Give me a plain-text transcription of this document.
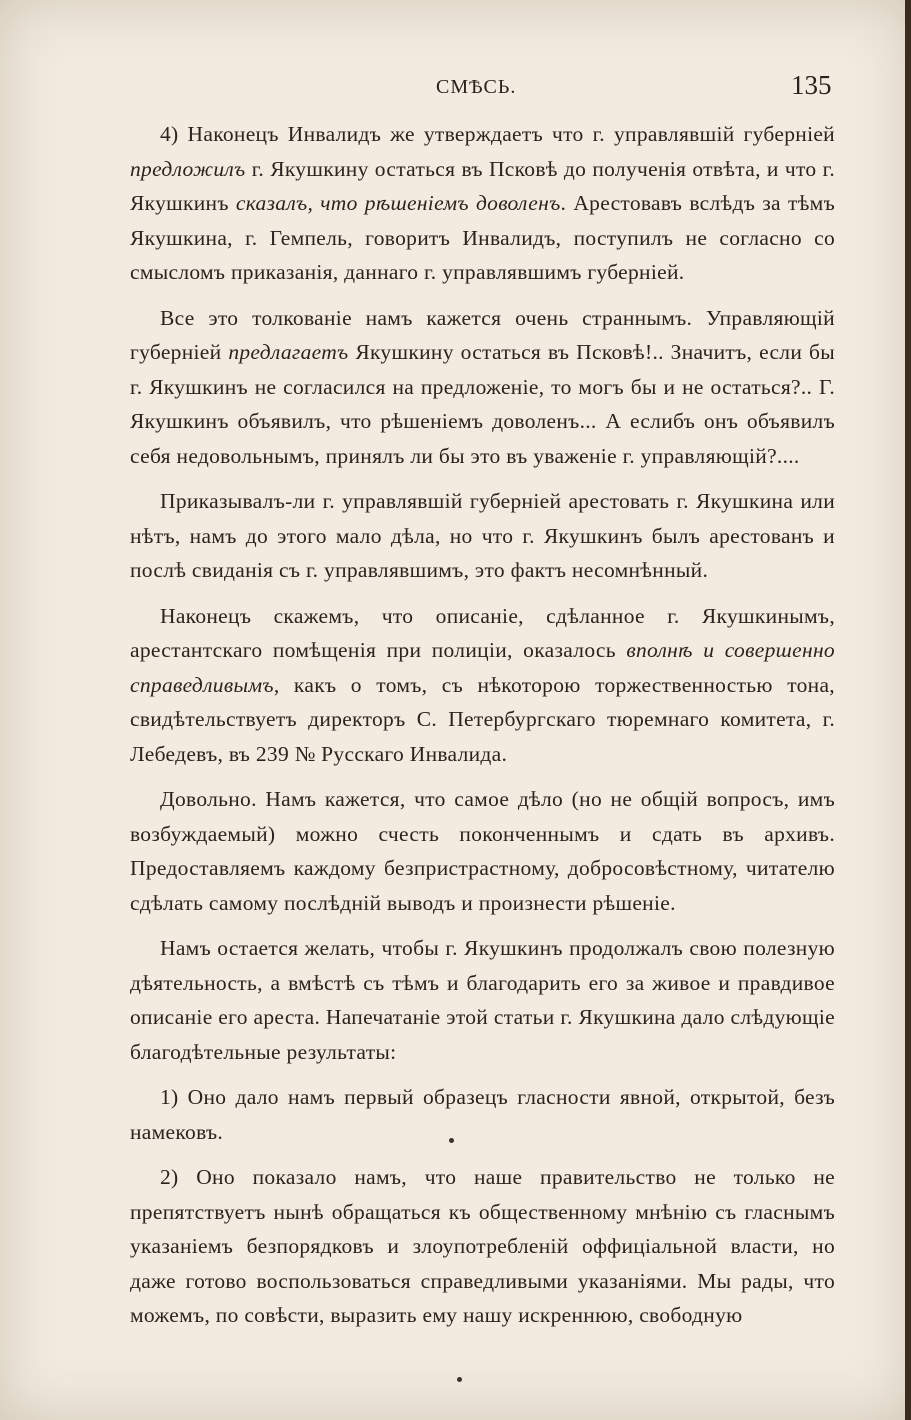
СМѢСЬ.	135

4) Наконецъ Инвалидъ же утверждаетъ что г. управлявшій губерніей предложилъ г. Якушкину остаться въ Псковѣ до полученія отвѣта, и что г. Якушкинъ сказалъ, что рѣшеніемъ доволенъ. Арестовавъ вслѣдъ за тѣмъ Якушкина, г. Гемпель, говоритъ Инвалидъ, поступилъ не согласно со смысломъ приказанія, даннаго г. управлявшимъ губерніей.

Все это толкованіе намъ кажется очень страннымъ. Управляющій губерніей предлагаетъ Якушкину остаться въ Псковѣ!.. Значитъ, если бы г. Якушкинъ не согласился на предложеніе, то могъ бы и не остаться?.. Г. Якушкинъ объявилъ, что рѣшеніемъ доволенъ... А еслибъ онъ объявилъ себя недовольнымъ, принялъ ли бы это въ уваженіе г. управляющій?....

Приказывалъ-ли г. управлявшій губерніей арестовать г. Якушкина или нѣтъ, намъ до этого мало дѣла, но что г. Якушкинъ былъ арестованъ и послѣ свиданія съ г. управлявшимъ, это фактъ несомнѣнный.

Наконецъ скажемъ, что описаніе, сдѣланное г. Якушкинымъ, арестантскаго помѣщенія при полиціи, оказалось вполнѣ и совершенно справедливымъ, какъ о томъ, съ нѣкоторою торжественностью тона, свидѣтельствуетъ директоръ С. Петербургскаго тюремнаго комитета, г. Лебедевъ, въ 239 № Русскаго Инвалида.

Довольно. Намъ кажется, что самое дѣло (но не общій вопросъ, имъ возбуждаемый) можно счесть поконченнымъ и сдать въ архивъ. Предоставляемъ каждому безпристрастному, добросовѣстному, читателю сдѣлать самому послѣдній выводъ и произнести рѣшеніе.

Намъ остается желать, чтобы г. Якушкинъ продолжалъ свою полезную дѣятельность, а вмѣстѣ съ тѣмъ и благодарить его за живое и правдивое описаніе его ареста. Напечатаніе этой статьи г. Якушкина дало слѣдующіе благодѣтельные результаты:

1) Оно дало намъ первый образецъ гласности явной, открытой, безъ намековъ.

2) Оно показало намъ, что наше правительство не только не препятствуетъ нынѣ обращаться къ общественному мнѣнію съ гласнымъ указаніемъ безпорядковъ и злоупотребленій оффиціальной власти, но даже готово воспользоваться справедливыми указаніями. Мы рады, что можемъ, по совѣсти, выразить ему нашу искреннюю, свободную
